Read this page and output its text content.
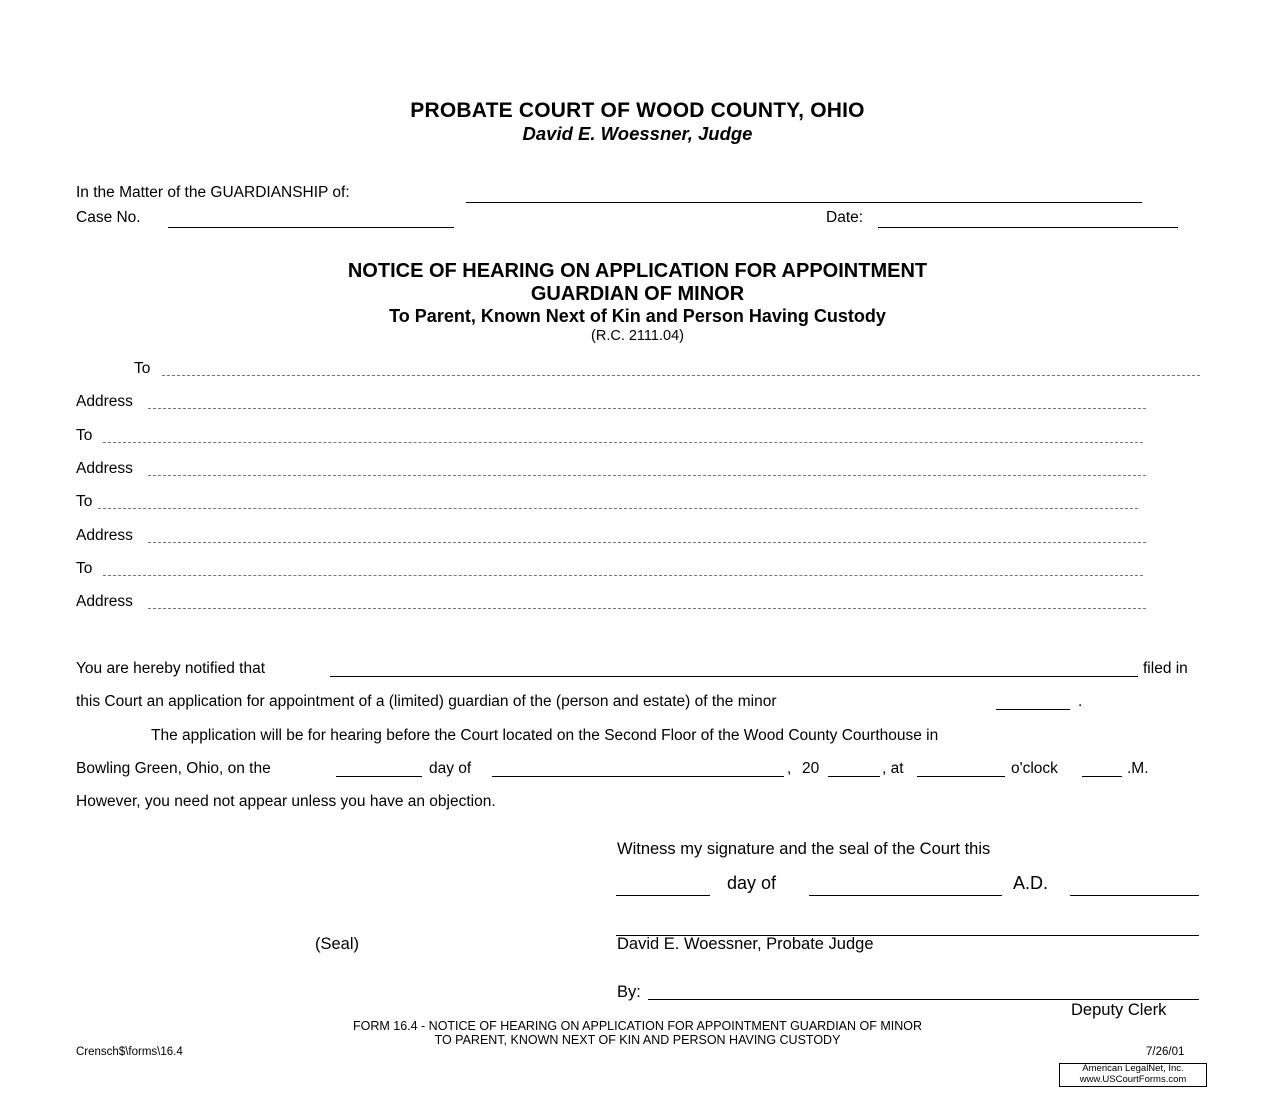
PROBATE COURT OF WOOD COUNTY, OHIO
David E. Woessner, Judge
In the Matter of the GUARDIANSHIP of:
Case No.	Date:
NOTICE OF HEARING ON APPLICATION FOR APPOINTMENT
GUARDIAN OF MINOR
To Parent, Known Next of Kin and Person Having Custody
(R.C. 2111.04)
To
Address
To
Address
To
Address
To
Address
You are hereby notified that	filed in
this Court an application for appointment of a (limited) guardian of the (person and estate) of the minor	.
The application will be for hearing before the Court located on the Second Floor of the Wood County Courthouse in
Bowling Green, Ohio, on the	day of	, 20	, at	o'clock	.M.
However, you need not appear unless you have an objection.
Witness my signature and the seal of the Court this
day of	A.D.
(Seal)	David E. Woessner, Probate Judge
By:
Deputy Clerk
FORM 16.4 - NOTICE OF HEARING ON APPLICATION FOR APPOINTMENT GUARDIAN OF MINOR
TO PARENT, KNOWN NEXT OF KIN AND PERSON HAVING CUSTODY
Crensch$\forms\16.4	7/26/01
American LegalNet, Inc.
www.USCourtForms.com
